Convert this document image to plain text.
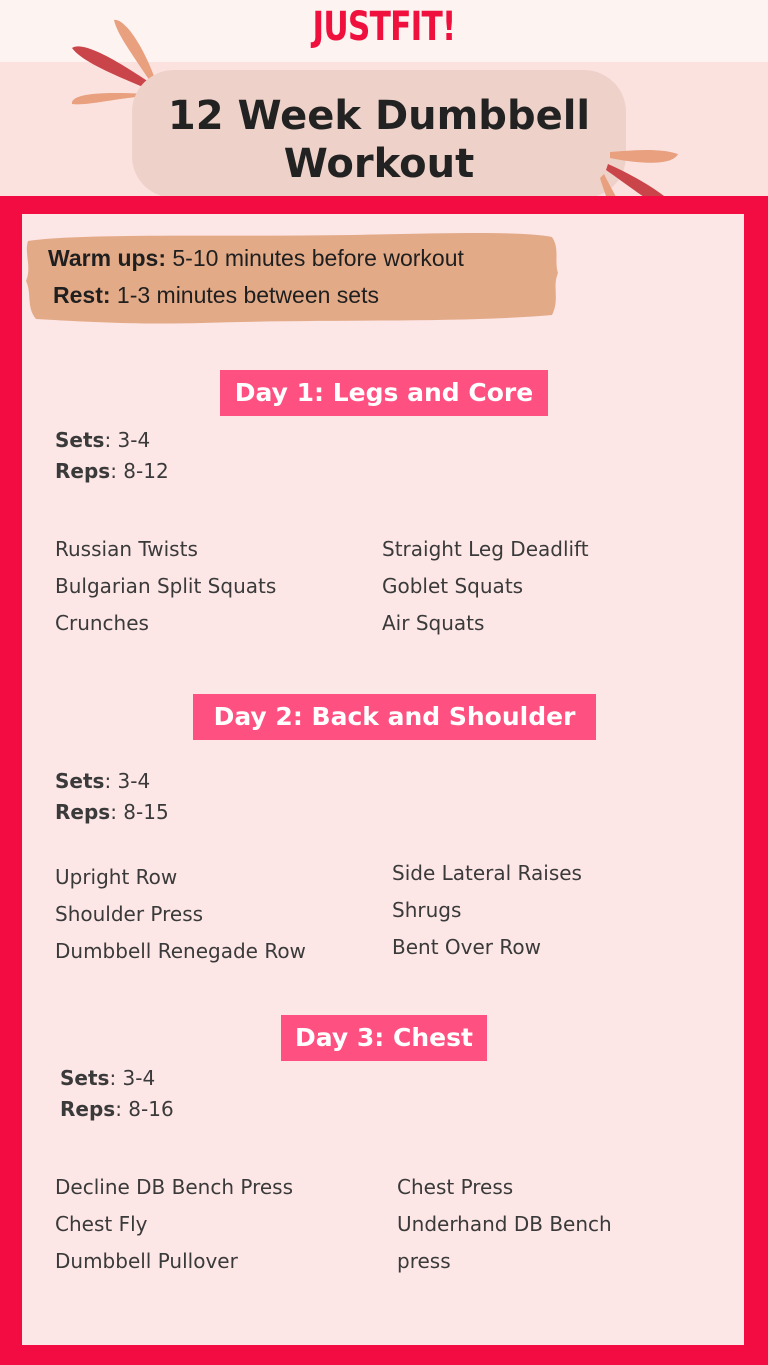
JUSTFIT!
12 Week Dumbbell
Workout
Warm ups: 5-10 minutes before workout
Rest: 1-3 minutes between sets
Day 1: Legs and Core
Sets: 3-4
Reps: 8-12
Russian Twists
Bulgarian Split Squats
Crunches
Straight Leg Deadlift
Goblet Squats
Air Squats
Day 2: Back and Shoulder
Sets: 3-4
Reps: 8-15
Upright Row
Shoulder Press
Dumbbell Renegade Row
Side Lateral Raises
Shrugs
Bent Over Row
Day 3: Chest
Sets: 3-4
Reps: 8-16
Decline DB Bench Press
Chest Fly
Dumbbell Pullover
Chest Press
Underhand DB Bench
press
